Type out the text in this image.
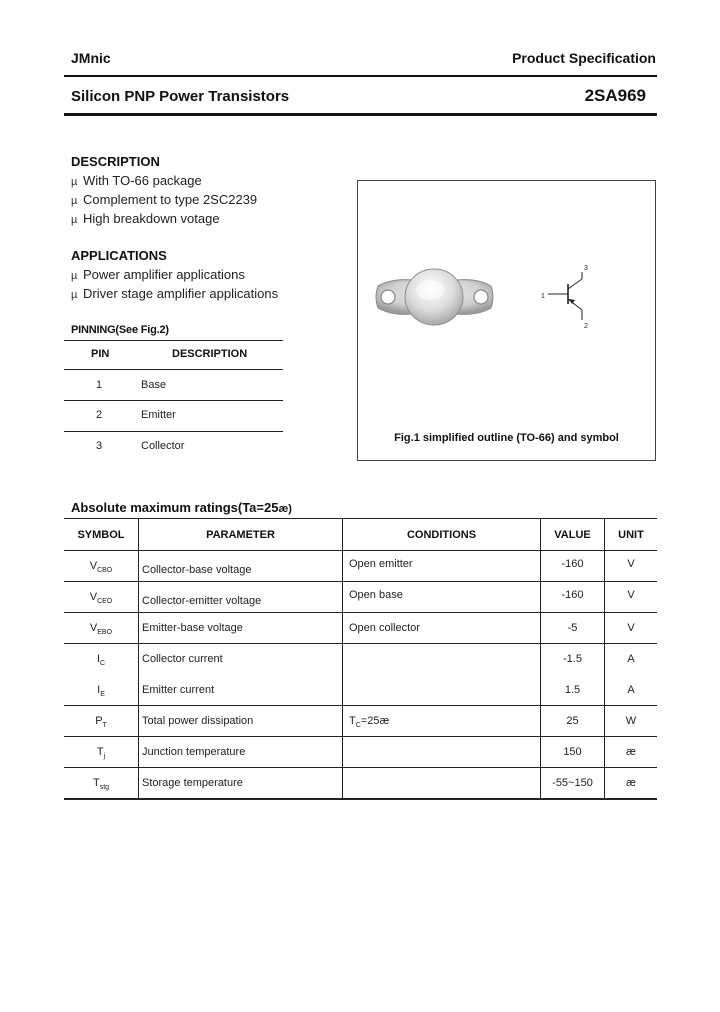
JMnic	Product Specification
Silicon PNP Power Transistors	2SA969
DESCRIPTION
µ With TO-66 package
µ Complement to type 2SC2239
µ High breakdown vоtage
APPLICATIONS
µ Power amplifier applications
µ Driver stage amplifier applications
PINNING(See Fig.2)
PIN	DESCRIPTION
1	Base
2	Emitter
3	Collector
1
2
3
Fig.1 simplified outline (TO-66) and symbol
Absolute maximum ratings(Ta=25æ)
SYMBOL	PARAMETER	CONDITIONS	VALUE	UNIT
$V_{CBO}$	Collector-base voltage	Open emitter	-160	V
$V_{CEO}$	Collector-emitter voltage	Open base	-160	V
$V_{EBO}$	Emitter-base voltage	Open collector	-5	V
$I_C$	Collector current		-1.5	A
$I_E$	Emitter current		1.5	A
$P_T$	Total power dissipation	$T_C=25æ$	25	W
$T_j$	Junction temperature		150	æ
$T_{stg}$	Storage temperature		-55~150	æ
